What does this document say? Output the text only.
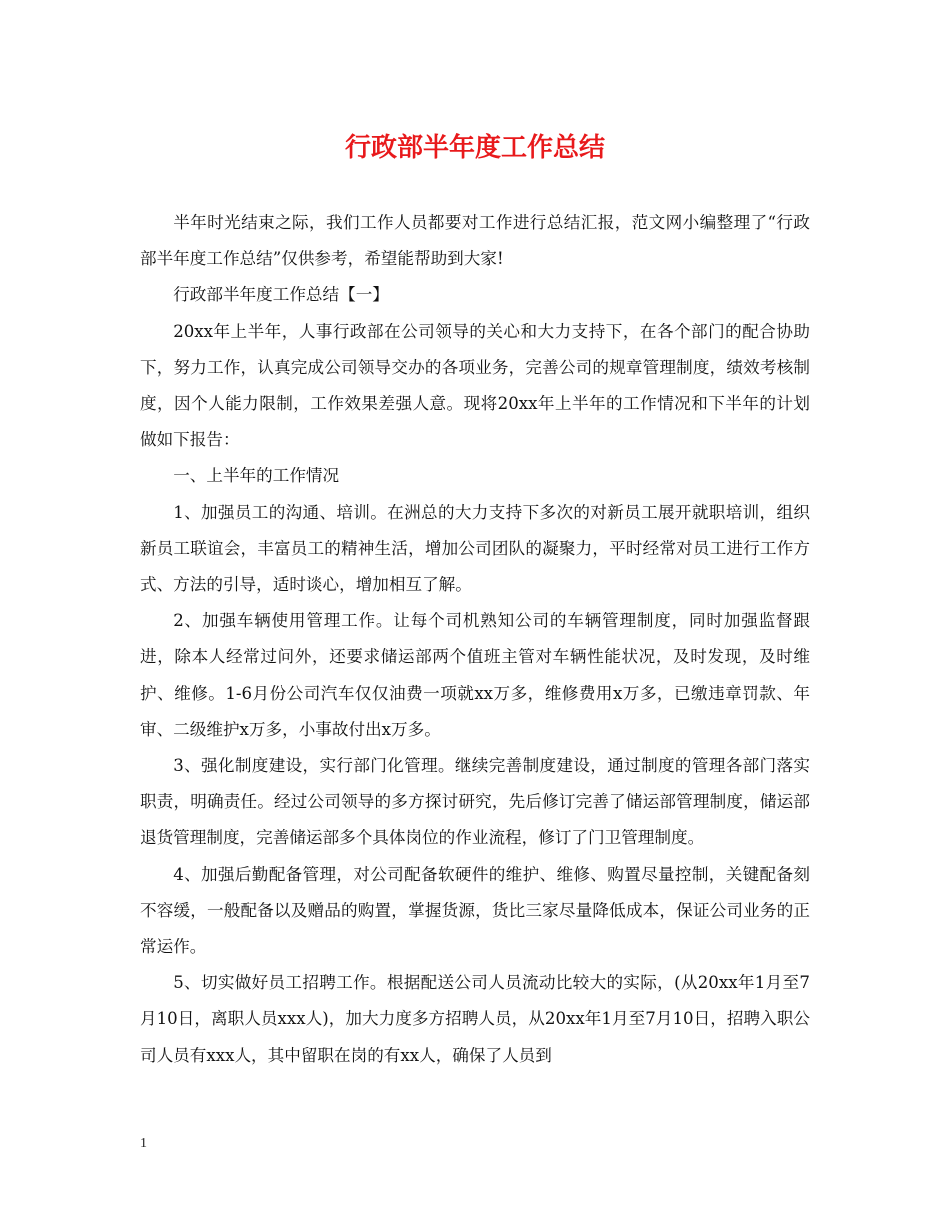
行政部半年度工作总结

半年时光结束之际，我们工作人员都要对工作进行总结汇报，范文网小编整理了“行政部半年度工作总结”仅供参考，希望能帮助到大家!

行政部半年度工作总结【一】

20xx年上半年，人事行政部在公司领导的关心和大力支持下，在各个部门的配合协助下，努力工作，认真完成公司领导交办的各项业务，完善公司的规章管理制度，绩效考核制度，因个人能力限制，工作效果差强人意。现将20xx年上半年的工作情况和下半年的计划做如下报告：

一、上半年的工作情况

1、加强员工的沟通、培训。在洲总的大力支持下多次的对新员工展开就职培训，组织新员工联谊会，丰富员工的精神生活，增加公司团队的凝聚力，平时经常对员工进行工作方式、方法的引导，适时谈心，增加相互了解。

2、加强车辆使用管理工作。让每个司机熟知公司的车辆管理制度，同时加强监督跟进，除本人经常过问外，还要求储运部两个值班主管对车辆性能状况，及时发现，及时维护、维修。1-6月份公司汽车仅仅油费一项就xx万多，维修费用x万多，已缴违章罚款、年审、二级维护x万多，小事故付出x万多。

3、强化制度建设，实行部门化管理。继续完善制度建设，通过制度的管理各部门落实职责，明确责任。经过公司领导的多方探讨研究，先后修订完善了储运部管理制度，储运部退货管理制度，完善储运部多个具体岗位的作业流程，修订了门卫管理制度。

4、加强后勤配备管理，对公司配备软硬件的维护、维修、购置尽量控制，关键配备刻不容缓，一般配备以及赠品的购置，掌握货源，货比三家尽量降低成本，保证公司业务的正常运作。

5、切实做好员工招聘工作。根据配送公司人员流动比较大的实际，(从20xx年1月至7月10日，离职人员xxx人)，加大力度多方招聘人员，从20xx年1月至7月10日，招聘入职公司人员有xxx人，其中留职在岗的有xx人，确保了人员到

1
